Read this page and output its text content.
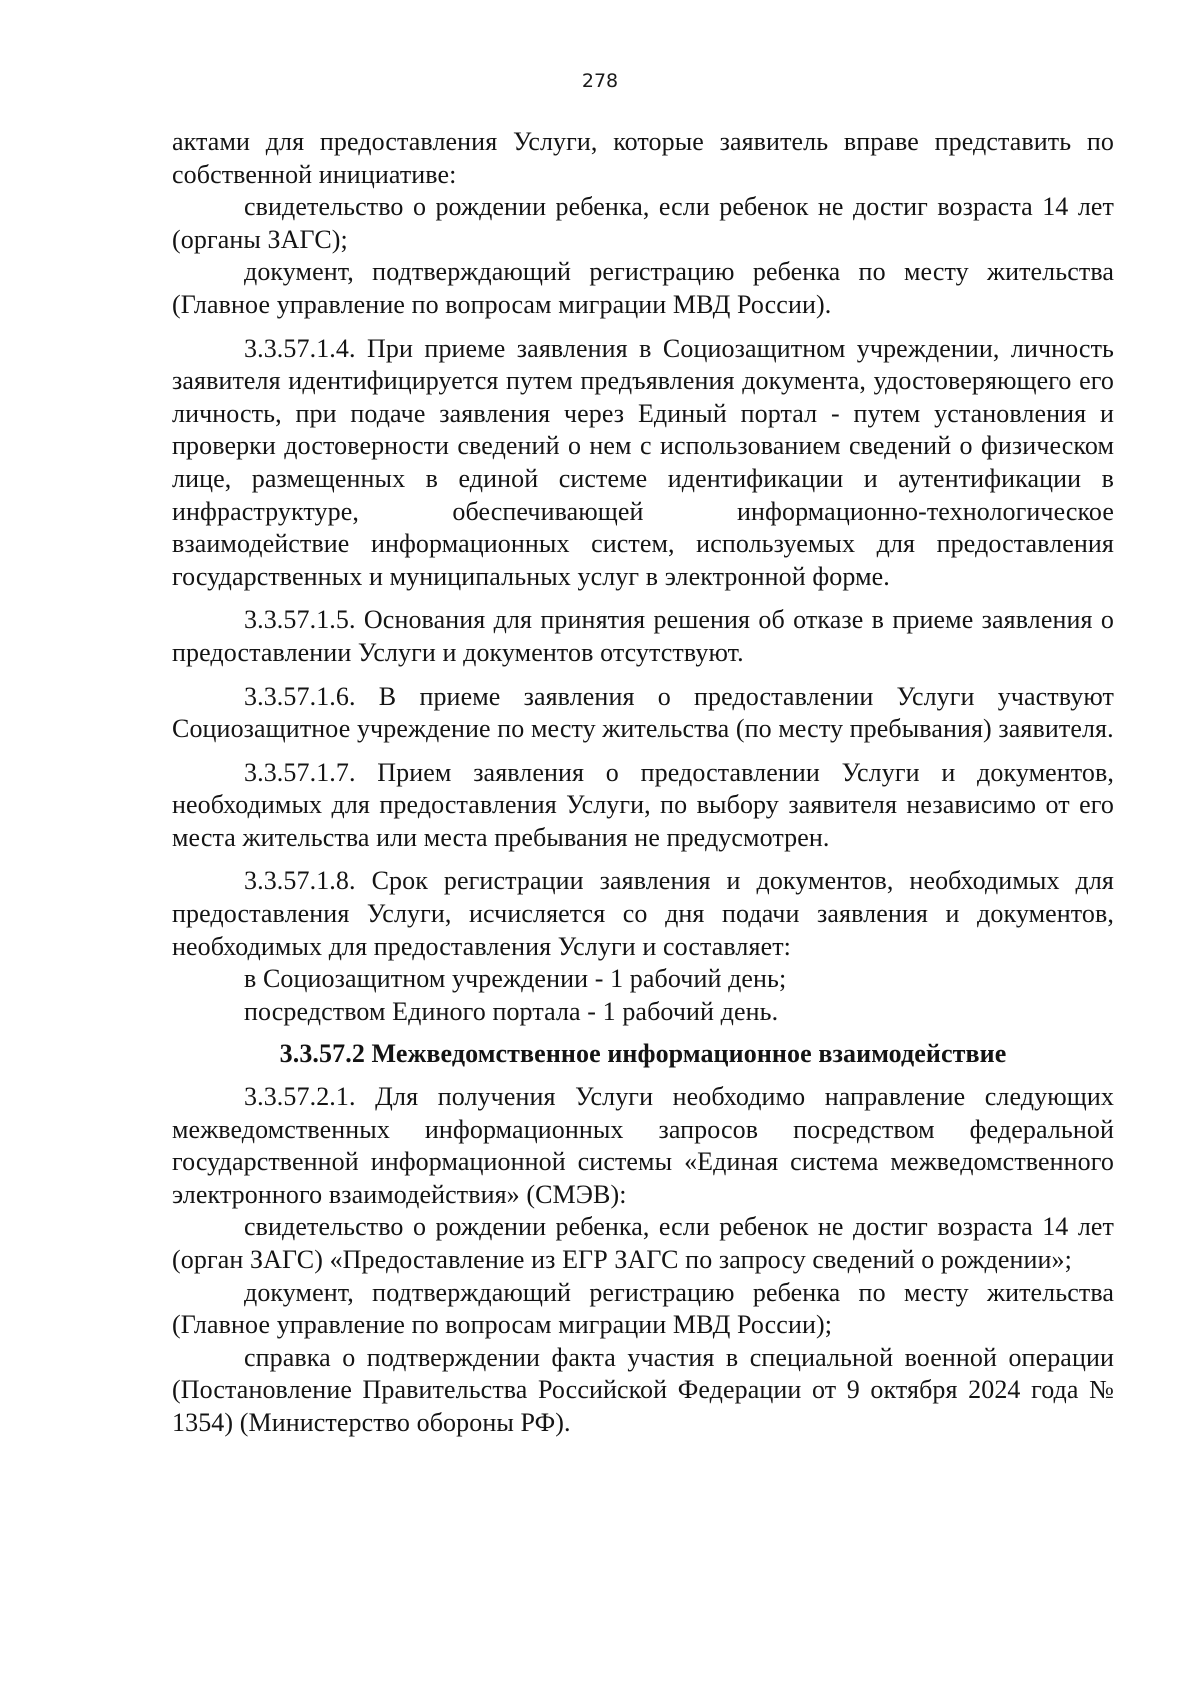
278

актами для предоставления Услуги, которые заявитель вправе представить по собственной инициативе:

свидетельство о рождении ребенка, если ребенок не достиг возраста 14 лет (органы ЗАГС);

документ, подтверждающий регистрацию ребенка по месту жительства (Главное управление по вопросам миграции МВД России).

3.3.57.1.4. При приеме заявления в Социозащитном учреждении, личность заявителя идентифицируется путем предъявления документа, удостоверяющего его личность, при подаче заявления через Единый портал - путем установления и проверки достоверности сведений о нем с использованием сведений о физическом лице, размещенных в единой системе идентификации и аутентификации в инфраструктуре, обеспечивающей информационно-технологическое взаимодействие информационных систем, используемых для предоставления государственных и муниципальных услуг в электронной форме.

3.3.57.1.5. Основания для принятия решения об отказе в приеме заявления о предоставлении Услуги и документов отсутствуют.

3.3.57.1.6. В приеме заявления о предоставлении Услуги участвуют Социозащитное учреждение по месту жительства (по месту пребывания) заявителя.

3.3.57.1.7. Прием заявления о предоставлении Услуги и документов, необходимых для предоставления Услуги, по выбору заявителя независимо от его места жительства или места пребывания не предусмотрен.

3.3.57.1.8. Срок регистрации заявления и документов, необходимых для предоставления Услуги, исчисляется со дня подачи заявления и документов, необходимых для предоставления Услуги и составляет:

в Социозащитном учреждении - 1 рабочий день;

посредством Единого портала - 1 рабочий день.

3.3.57.2 Межведомственное информационное взаимодействие

3.3.57.2.1. Для получения Услуги необходимо направление следующих межведомственных информационных запросов посредством федеральной государственной информационной системы «Единая система межведомственного электронного взаимодействия» (СМЭВ):

свидетельство о рождении ребенка, если ребенок не достиг возраста 14 лет (орган ЗАГС) «Предоставление из ЕГР ЗАГС по запросу сведений о рождении»;

документ, подтверждающий регистрацию ребенка по месту жительства (Главное управление по вопросам миграции МВД России);

справка о подтверждении факта участия в специальной военной операции (Постановление Правительства Российской Федерации от 9 октября 2024 года № 1354) (Министерство обороны РФ).
